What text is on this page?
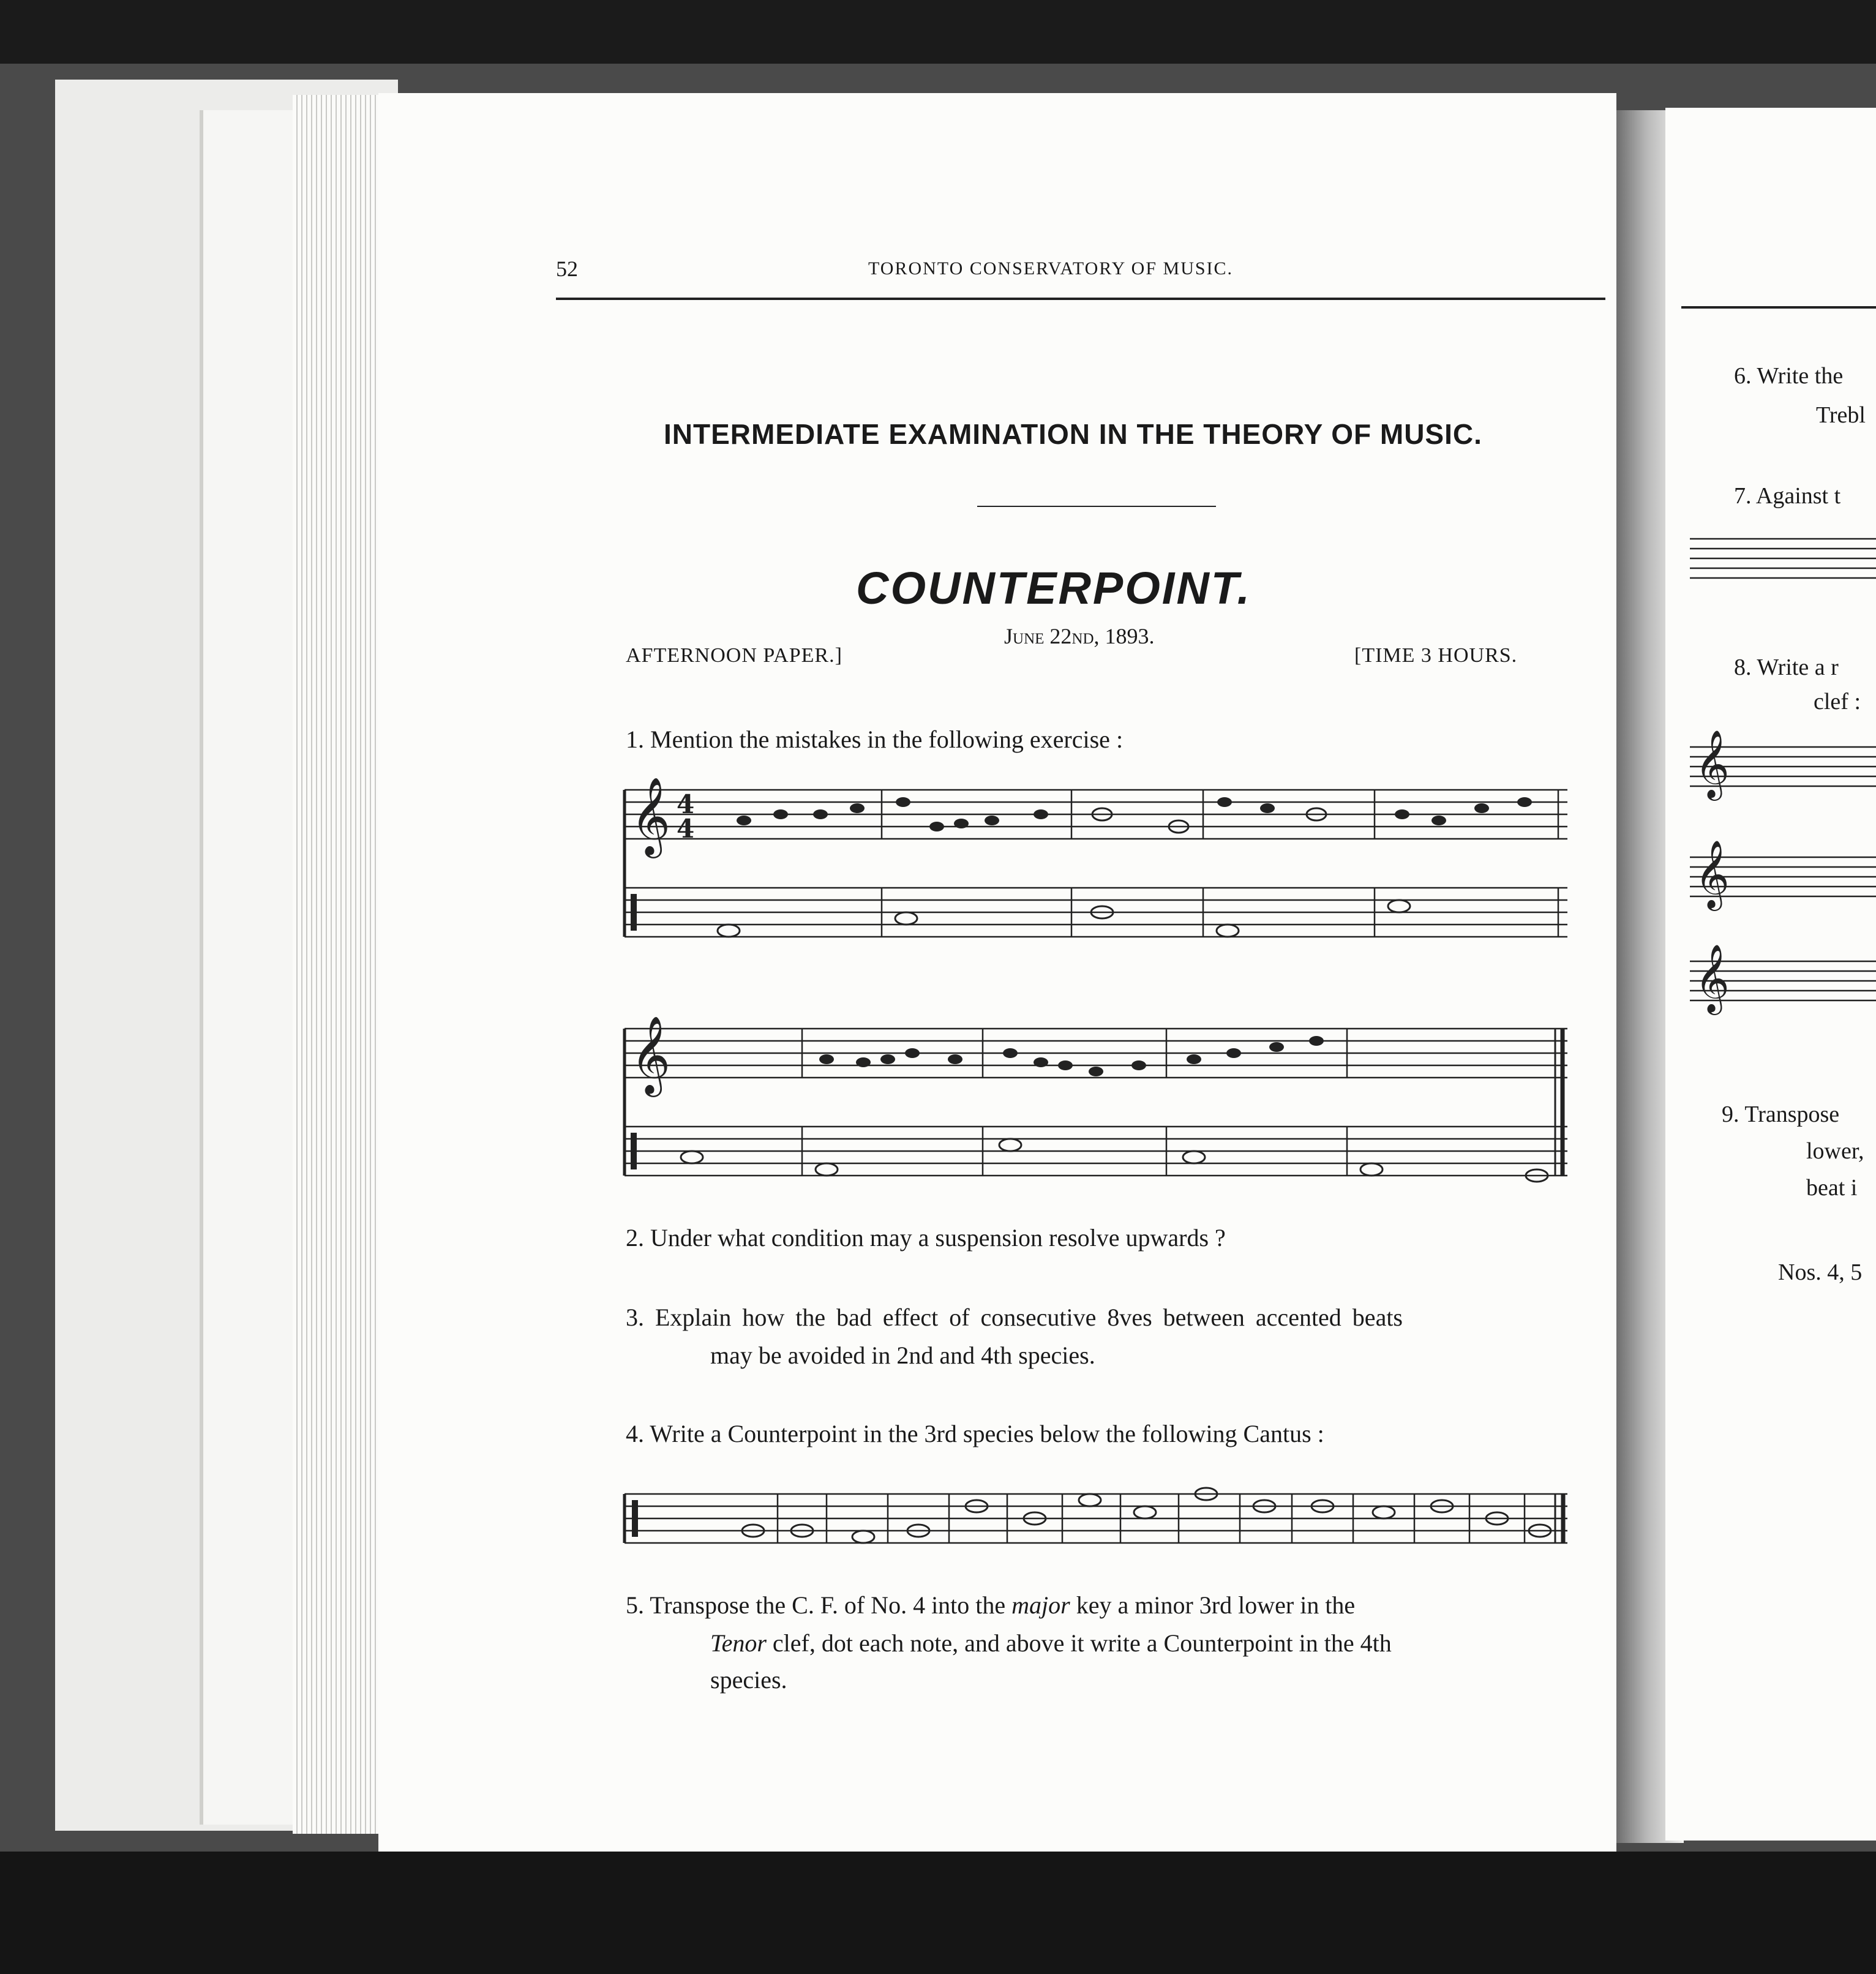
52	TORONTO CONSERVATORY OF MUSIC.
INTERMEDIATE EXAMINATION IN THE THEORY OF MUSIC.
COUNTERPOINT.
June 22nd, 1893.
AFTERNOON PAPER.]	[TIME 3 HOURS.
1. Mention the mistakes in the following exercise :
𝄞 4
4
𝄞
2. Under what condition may a suspension resolve upwards ?
3. Explain how the bad effect of consecutive 8ves between accented beats
may be avoided in 2nd and 4th species.
4. Write a Counterpoint in the 3rd species below the following Cantus :
5. Transpose the C. F. of No. 4 into the major key a minor 3rd lower in the
Tenor clef, dot each note, and above it write a Counterpoint in the 4th
species.
6. Write the
Trebl
7. Against t
8. Write a r
clef :
9. Transpose
lower,
beat i
Nos. 4, 5
𝄞
𝄞
𝄞
